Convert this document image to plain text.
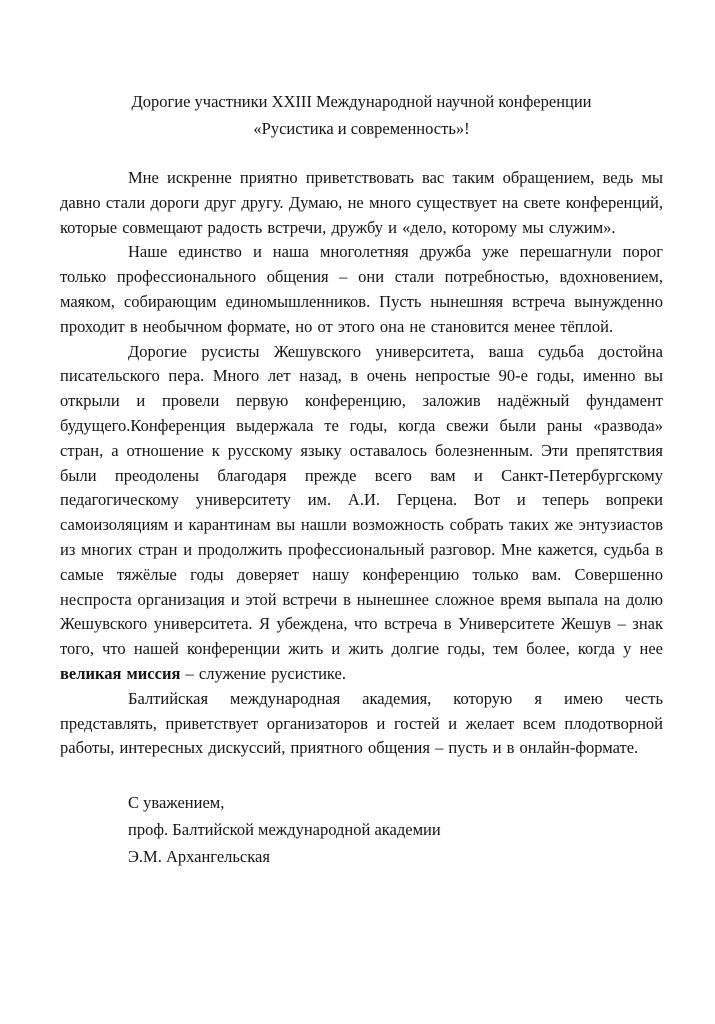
Дорогие участники XXIII Международной научной конференции
«Русистика и современность»!

Мне искренне приятно приветствовать вас таким обращением, ведь мы давно стали дороги друг другу. Думаю, не много существует на свете конференций, которые совмещают радость встречи, дружбу и «дело, которому мы служим».

Наше единство и наша многолетняя дружба уже перешагнули порог только профессионального общения – они стали потребностью, вдохновением, маяком, собирающим единомышленников. Пусть нынешняя встреча вынужденно проходит в необычном формате, но от этого она не становится менее тёплой.

Дорогие русисты Жешувского университета, ваша судьба достойна писательского пера. Много лет назад, в очень непростые 90-е годы, именно вы открыли и провели первую конференцию, заложив надёжный фундамент будущего.Конференция выдержала те годы, когда свежи были раны «развода» стран, а отношение к русскому языку оставалось болезненным. Эти препятствия были преодолены благодаря прежде всего вам и Санкт-Петербургскому педагогическому университету им. А.И. Герцена. Вот и теперь вопреки самоизоляциям и карантинам вы нашли возможность собрать таких же энтузиастов из многих стран и продолжить профессиональный разговор. Мне кажется, судьба в самые тяжёлые годы доверяет нашу конференцию только вам. Совершенно неспроста организация и этой встречи в нынешнее сложное время выпала на долю Жешувского университета. Я убеждена, что встреча в Университете Жешув – знак того, что нашей конференции жить и жить долгие годы, тем более, когда у нее великая миссия – служение русистике.

Балтийская международная академия, которую я имею честь представлять, приветствует организаторов и гостей и желает всем плодотворной работы, интересных дискуссий, приятного общения – пусть и в онлайн-формате.

С уважением,
проф. Балтийской международной академии
Э.М. Архангельская
